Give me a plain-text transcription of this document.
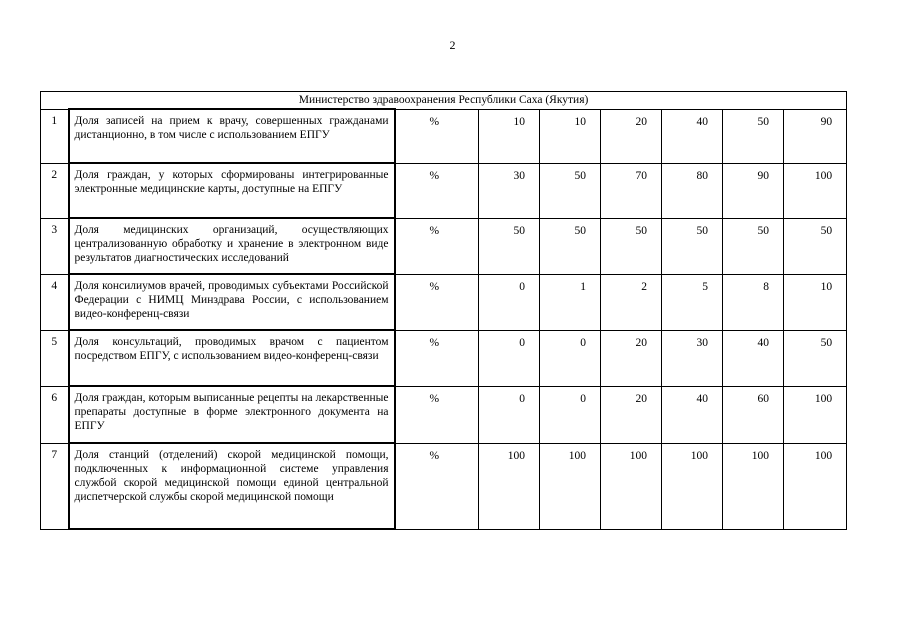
2
Министерство здравоохранения Республики Саха (Якутия)								
1	Доля записей на прием к врачу, совершенных гражданами дистанционно, в том числе с использованием ЕПГУ	%	10	10	20	40	50	90
2	Доля граждан, у которых сформированы интегрированные электронные медицинские карты, доступные на ЕПГУ	%	30	50	70	80	90	100
3	Доля медицинских организаций, осуществляющих централизованную обработку и хранение в электронном виде результатов диагностических исследований	%	50	50	50	50	50	50
4	Доля консилиумов врачей, проводимых субъектами Российской Федерации с НИМЦ Минздрава России, с использованием видео-конференц-связи	%	0	1	2	5	8	10
5	Доля консультаций, проводимых врачом с пациентом посредством ЕПГУ, с использованием видео-конференц-связи	%	0	0	20	30	40	50
6	Доля граждан, которым выписанные рецепты на лекарственные препараты доступные в форме электронного документа на ЕПГУ	%	0	0	20	40	60	100
7	Доля станций (отделений) скорой медицинской помощи, подключенных к информационной системе управления службой скорой медицинской помощи единой центральной диспетчерской службы скорой медицинской помощи	%	100	100	100	100	100	100
